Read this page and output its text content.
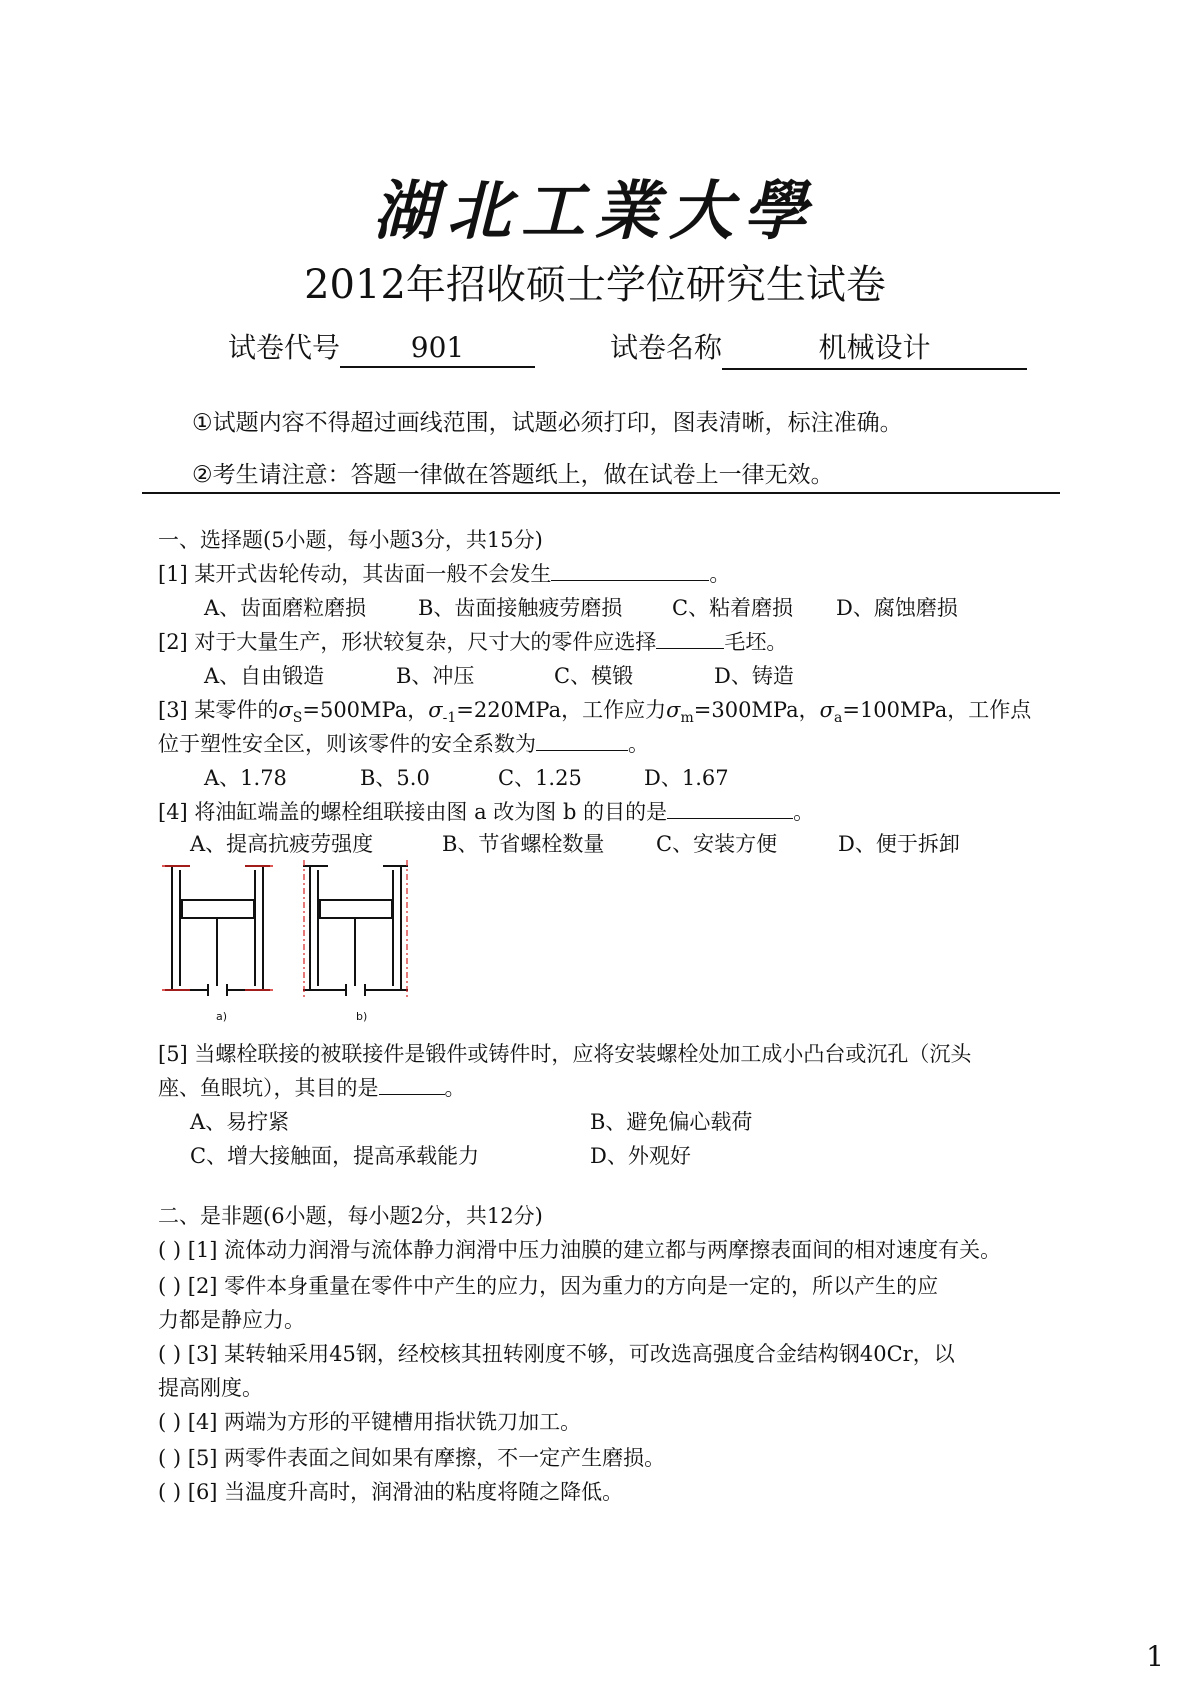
湖北工業大學
2012年招收硕士学位研究生试卷
试卷代号	901	试卷名称	机械设计
①试题内容不得超过画线范围，试题必须打印，图表清晰，标注准确。
②考生请注意：答题一律做在答题纸上，做在试卷上一律无效。
一、选择题(5小题，每小题3分，共15分)
[1] 某开式齿轮传动，其齿面一般不会发生	。
A、齿面磨粒磨损 B、齿面接触疲劳磨损 C、粘着磨损 D、腐蚀磨损
[2] 对于大量生产，形状较复杂，尺寸大的零件应选择	毛坯。
A、自由锻造	B、冲压	C、模锻	D、铸造
[3] 某零件的$\sigma_S=500MPa$，$\sigma_{-1}=220MPa$，工作应力$\sigma_m=300MPa$，$\sigma_a=100MPa$，工作点
位于塑性安全区，则该零件的安全系数为	。
A、1.78	B、5.0	C、1.25	D、1.67
[4] 将油缸端盖的螺栓组联接由图 a 改为图 b 的目的是	。
A、提高抗疲劳强度	B、节省螺栓数量 C、安装方便	D、便于拆卸
a)	b)
[5] 当螺栓联接的被联接件是锻件或铸件时，应将安装螺栓处加工成小凸台或沉孔（沉头
座、鱼眼坑），其目的是	。
A、易拧紧	B、避免偏心载荷
C、增大接触面，提高承载能力	D、外观好
二、是非题(6小题，每小题2分，共12分)
( ) [1] 流体动力润滑与流体静力润滑中压力油膜的建立都与两摩擦表面间的相对速度有关。
( ) [2] 零件本身重量在零件中产生的应力，因为重力的方向是一定的，所以产生的应
力都是静应力。
( ) [3] 某转轴采用45钢，经校核其扭转刚度不够，可改选高强度合金结构钢40Cr，以
提高刚度。
( ) [4] 两端为方形的平键槽用指状铣刀加工。
( ) [5] 两零件表面之间如果有摩擦，不一定产生磨损。
( ) [6] 当温度升高时，润滑油的粘度将随之降低。
1
